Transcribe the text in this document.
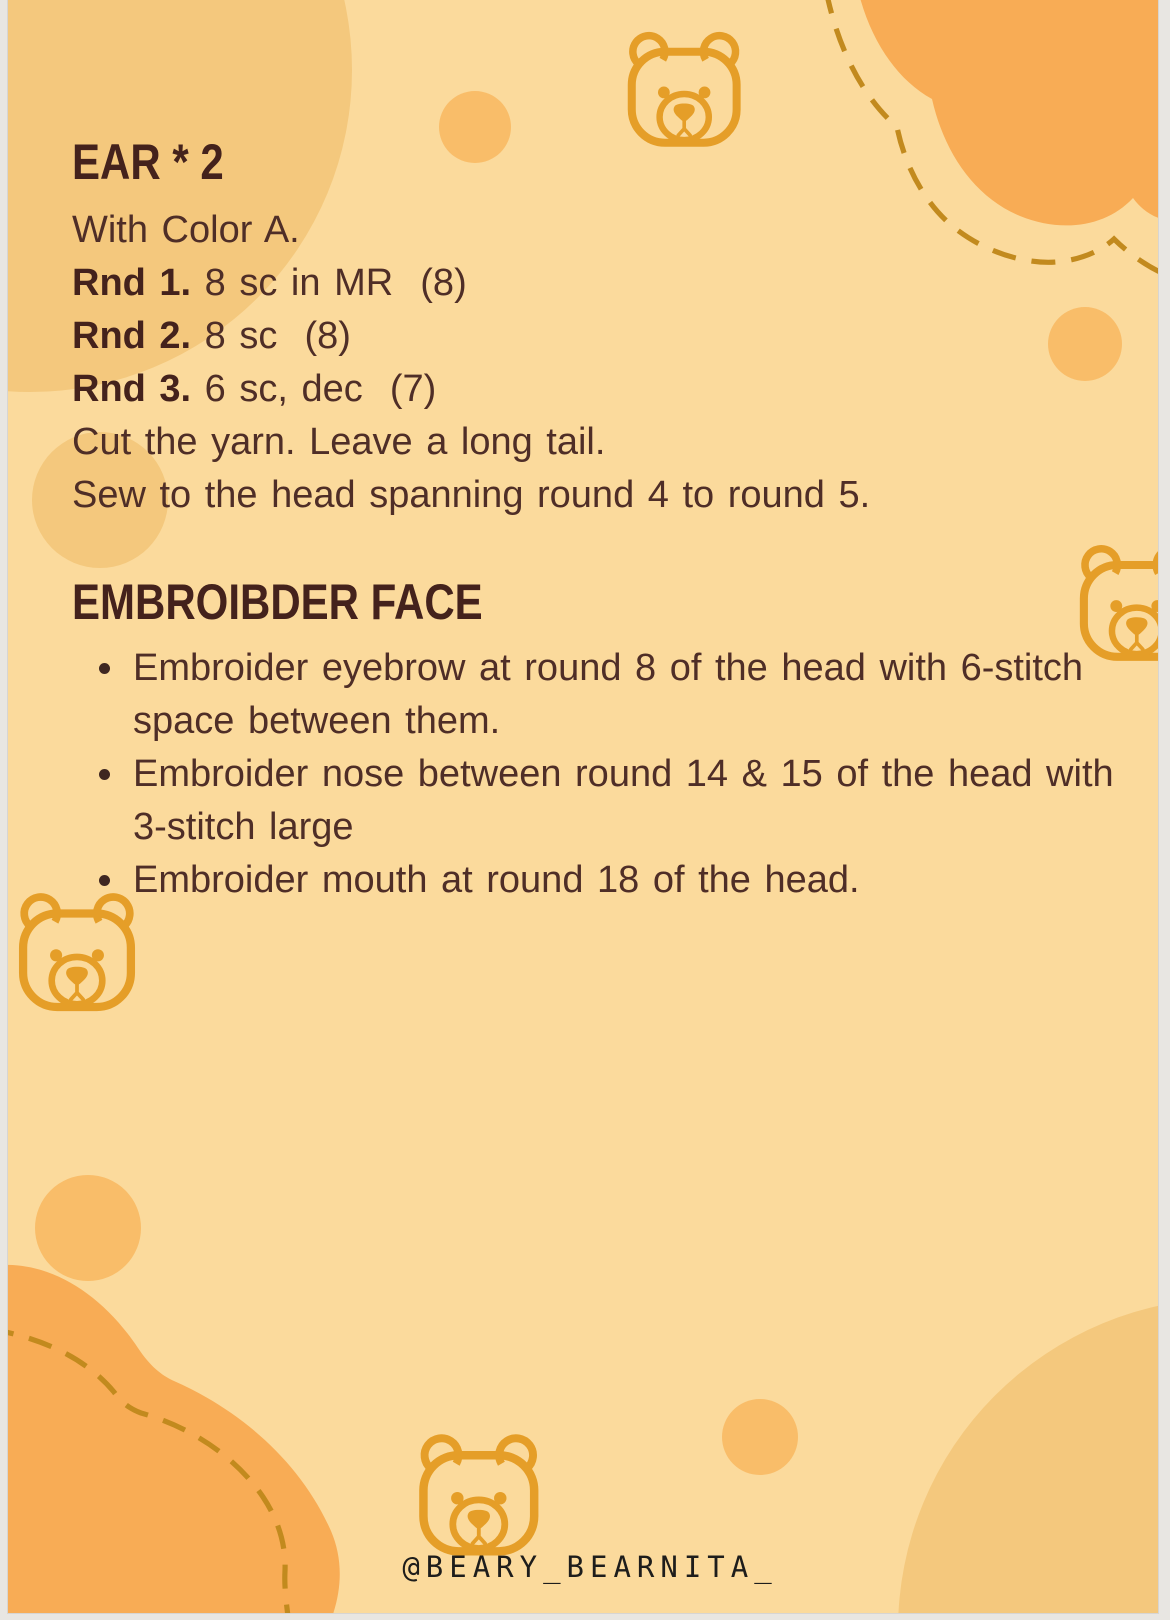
EAR * 2
With Color A.
Rnd 1. 8 sc in MR  (8)
Rnd 2. 8 sc  (8)
Rnd 3. 6 sc, dec  (7)
Cut the yarn. Leave a long tail.
Sew to the head spanning round 4 to round 5.
EMBROIBDER FACE
Embroider eyebrow at round 8 of the head with 6-stitch
space between them.
Embroider nose between round 14 & 15 of the head with
3-stitch large
Embroider mouth at round 18 of the head.
@BEARY_BEARNITA_
